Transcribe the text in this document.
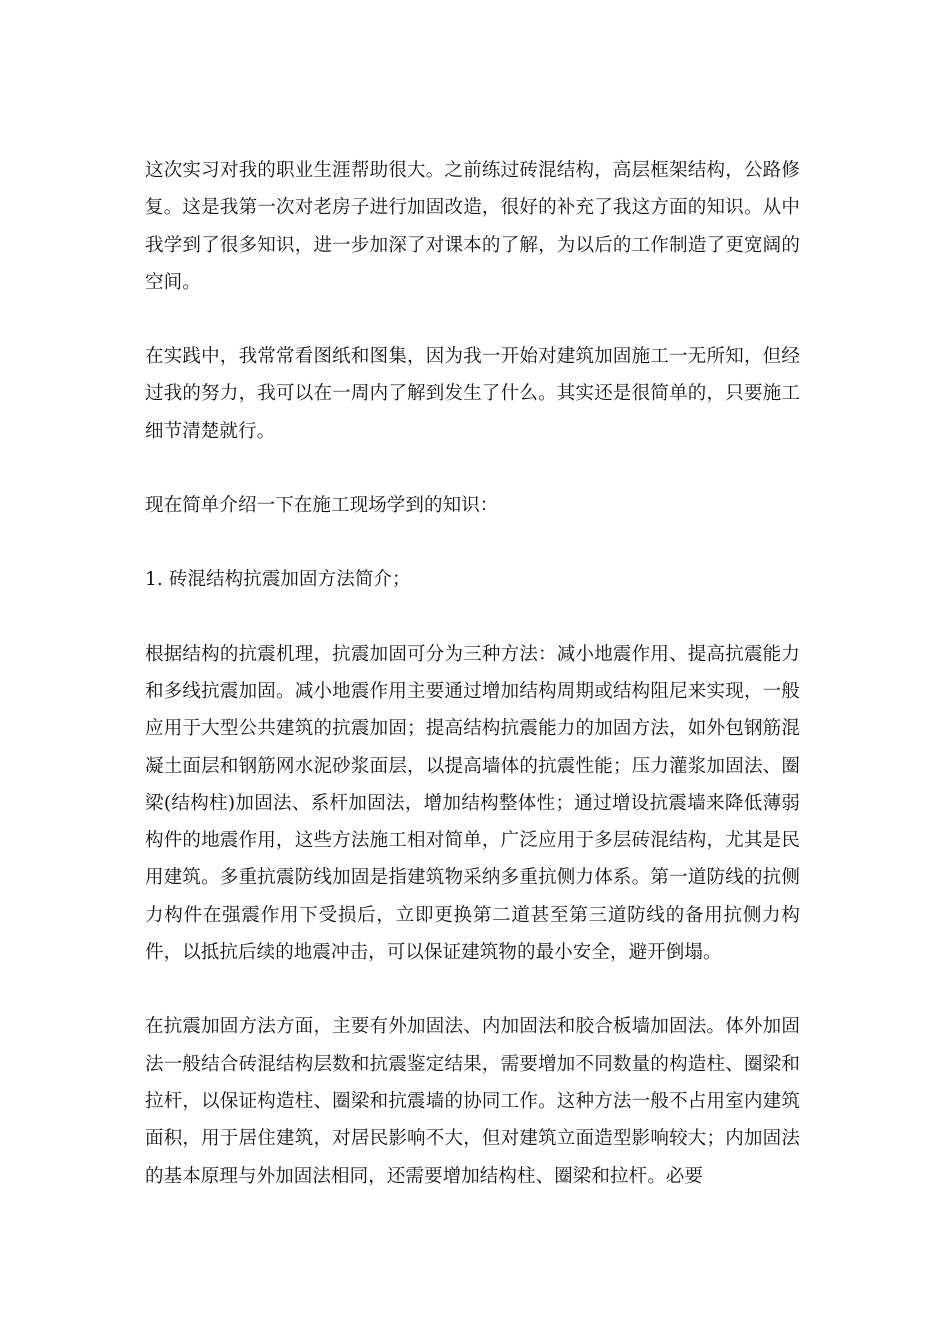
这次实习对我的职业生涯帮助很大。之前练过砖混结构，高层框架结构，公路修复。这是我第一次对老房子进行加固改造，很好的补充了我这方面的知识。从中我学到了很多知识，进一步加深了对课本的了解，为以后的工作制造了更宽阔的空间。

在实践中，我常常看图纸和图集，因为我一开始对建筑加固施工一无所知，但经过我的努力，我可以在一周内了解到发生了什么。其实还是很简单的，只要施工细节清楚就行。

现在简单介绍一下在施工现场学到的知识：

1. 砖混结构抗震加固方法简介；

根据结构的抗震机理，抗震加固可分为三种方法：减小地震作用、提高抗震能力和多线抗震加固。减小地震作用主要通过增加结构周期或结构阻尼来实现，一般应用于大型公共建筑的抗震加固；提高结构抗震能力的加固方法，如外包钢筋混凝土面层和钢筋网水泥砂浆面层，以提高墙体的抗震性能；压力灌浆加固法、圈梁(结构柱)加固法、系杆加固法，增加结构整体性；通过增设抗震墙来降低薄弱构件的地震作用，这些方法施工相对简单，广泛应用于多层砖混结构，尤其是民用建筑。多重抗震防线加固是指建筑物采纳多重抗侧力体系。第一道防线的抗侧力构件在强震作用下受损后，立即更换第二道甚至第三道防线的备用抗侧力构件，以抵抗后续的地震冲击，可以保证建筑物的最小安全，避开倒塌。

在抗震加固方法方面，主要有外加固法、内加固法和胶合板墙加固法。体外加固法一般结合砖混结构层数和抗震鉴定结果，需要增加不同数量的构造柱、圈梁和拉杆，以保证构造柱、圈梁和抗震墙的协同工作。这种方法一般不占用室内建筑面积，用于居住建筑，对居民影响不大，但对建筑立面造型影响较大；内加固法的基本原理与外加固法相同，还需要增加结构柱、圈梁和拉杆。必要
